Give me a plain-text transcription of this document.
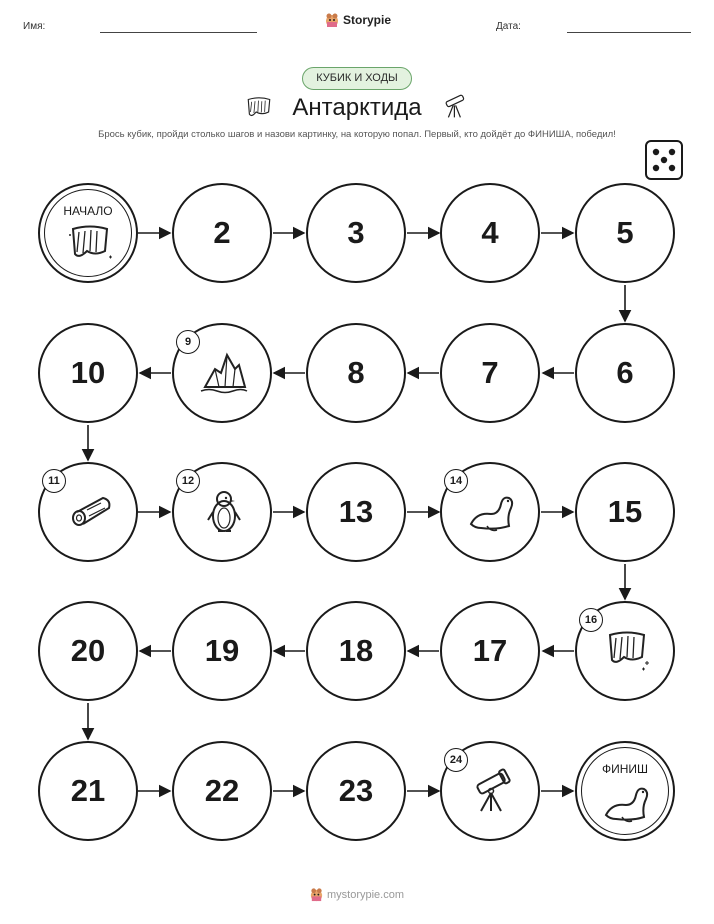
Имя:	Storypie	Дата:
КУБИК И ХОДЫ
Антарктида
Брось кубик, пройди столько шагов и назови картинку, на которую попал. Первый, кто дойдёт до ФИНИША, победил!
НАЧАЛО
2	3	4	5
6
7
8
9
10
11	12
13
14
15
16
17
18
19
20
21	22	23
24
ФИНИШ
mystorypie.com
